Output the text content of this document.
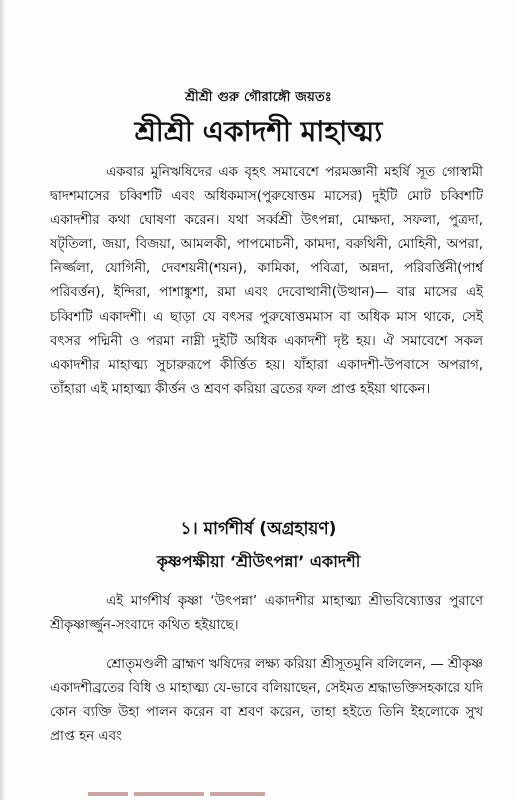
শ্রীশ্রী গুরু গৌরাঙ্গৌ জয়তঃ
শ্রীশ্রী একাদশী মাহাত্ম্য

একবার মুনিঋষিদের এক বৃহৎ সমাবেশে পরমজ্ঞানী মহর্ষি সূত গোস্বামী দ্বাদশমাসের চব্বিশটি এবং অধিকমাস(পুরুষোত্তম মাসের) দুইটি মোট চব্বিশটি একাদশীর কথা ঘোষণা করেন। যথা সর্ব্বশ্রী উৎপন্না, মোক্ষদা, সফলা, পুত্রদা, ষট্‌তিলা, জয়া, বিজয়া, আমলকী, পাপমোচনী, কামদা, বরুথিনী, মোহিনী, অপরা, নির্জ্জলা, যোগিনী, দেবশয়নী(শয়ন), কামিকা, পবিত্রা, অন্নদা, পরিবর্ত্তিনী(পার্শ্ব পরিবর্ত্তন), ইন্দিরা, পাশাঙ্কুশা, রমা এবং দেবোত্থানী(উত্থান)— বার মাসের এই চব্বিশটি একাদশী। এ ছাড়া যে বৎসর পুরুষোত্তমমাস বা অধিক মাস থাকে, সেই বৎসর পদ্মিনী ও পরমা নাম্নী দুইটি অধিক একাদশী দৃষ্ট হয়। ঐ সমাবেশে সকল একাদশীর মাহাত্ম্য সুচারুরূপে কীর্ত্তিত হয়। যাঁহারা একাদশী-উপবাসে অপরাগ, তাঁহারা এই মাহাত্ম্য কীর্ত্তন ও শ্রবণ করিয়া ব্রতের ফল প্রাপ্ত হইয়া থাকেন।

১। মার্গশীর্ষ (অগ্রহায়ণ)
কৃষ্ণপক্ষীয়া ‘শ্রীউৎপন্না’ একাদশী

এই মার্গশীর্ষ কৃষ্ণা ‘উৎপন্না’ একাদশীর মাহাত্ম্য শ্রীভবিষ্যোত্তর পুরাণে শ্রীকৃষ্ণার্জ্জুন-সংবাদে কথিত হইয়াছে।

শ্রোতৃমণ্ডলী ব্রাহ্মণ ঋষিদের লক্ষ্য করিয়া শ্রীসূতমুনি বলিলেন, — শ্রীকৃষ্ণ একাদশীব্রতের বিধি ও মাহাত্ম্য যে-ভাবে বলিয়াছেন, সেইমত শ্রদ্ধাভক্তিসহকারে যদি কোন ব্যক্তি উহা পালন করেন বা শ্রবণ করেন, তাহা হইতে তিনি ইহলোকে সুখ প্রাপ্ত হন এবং
